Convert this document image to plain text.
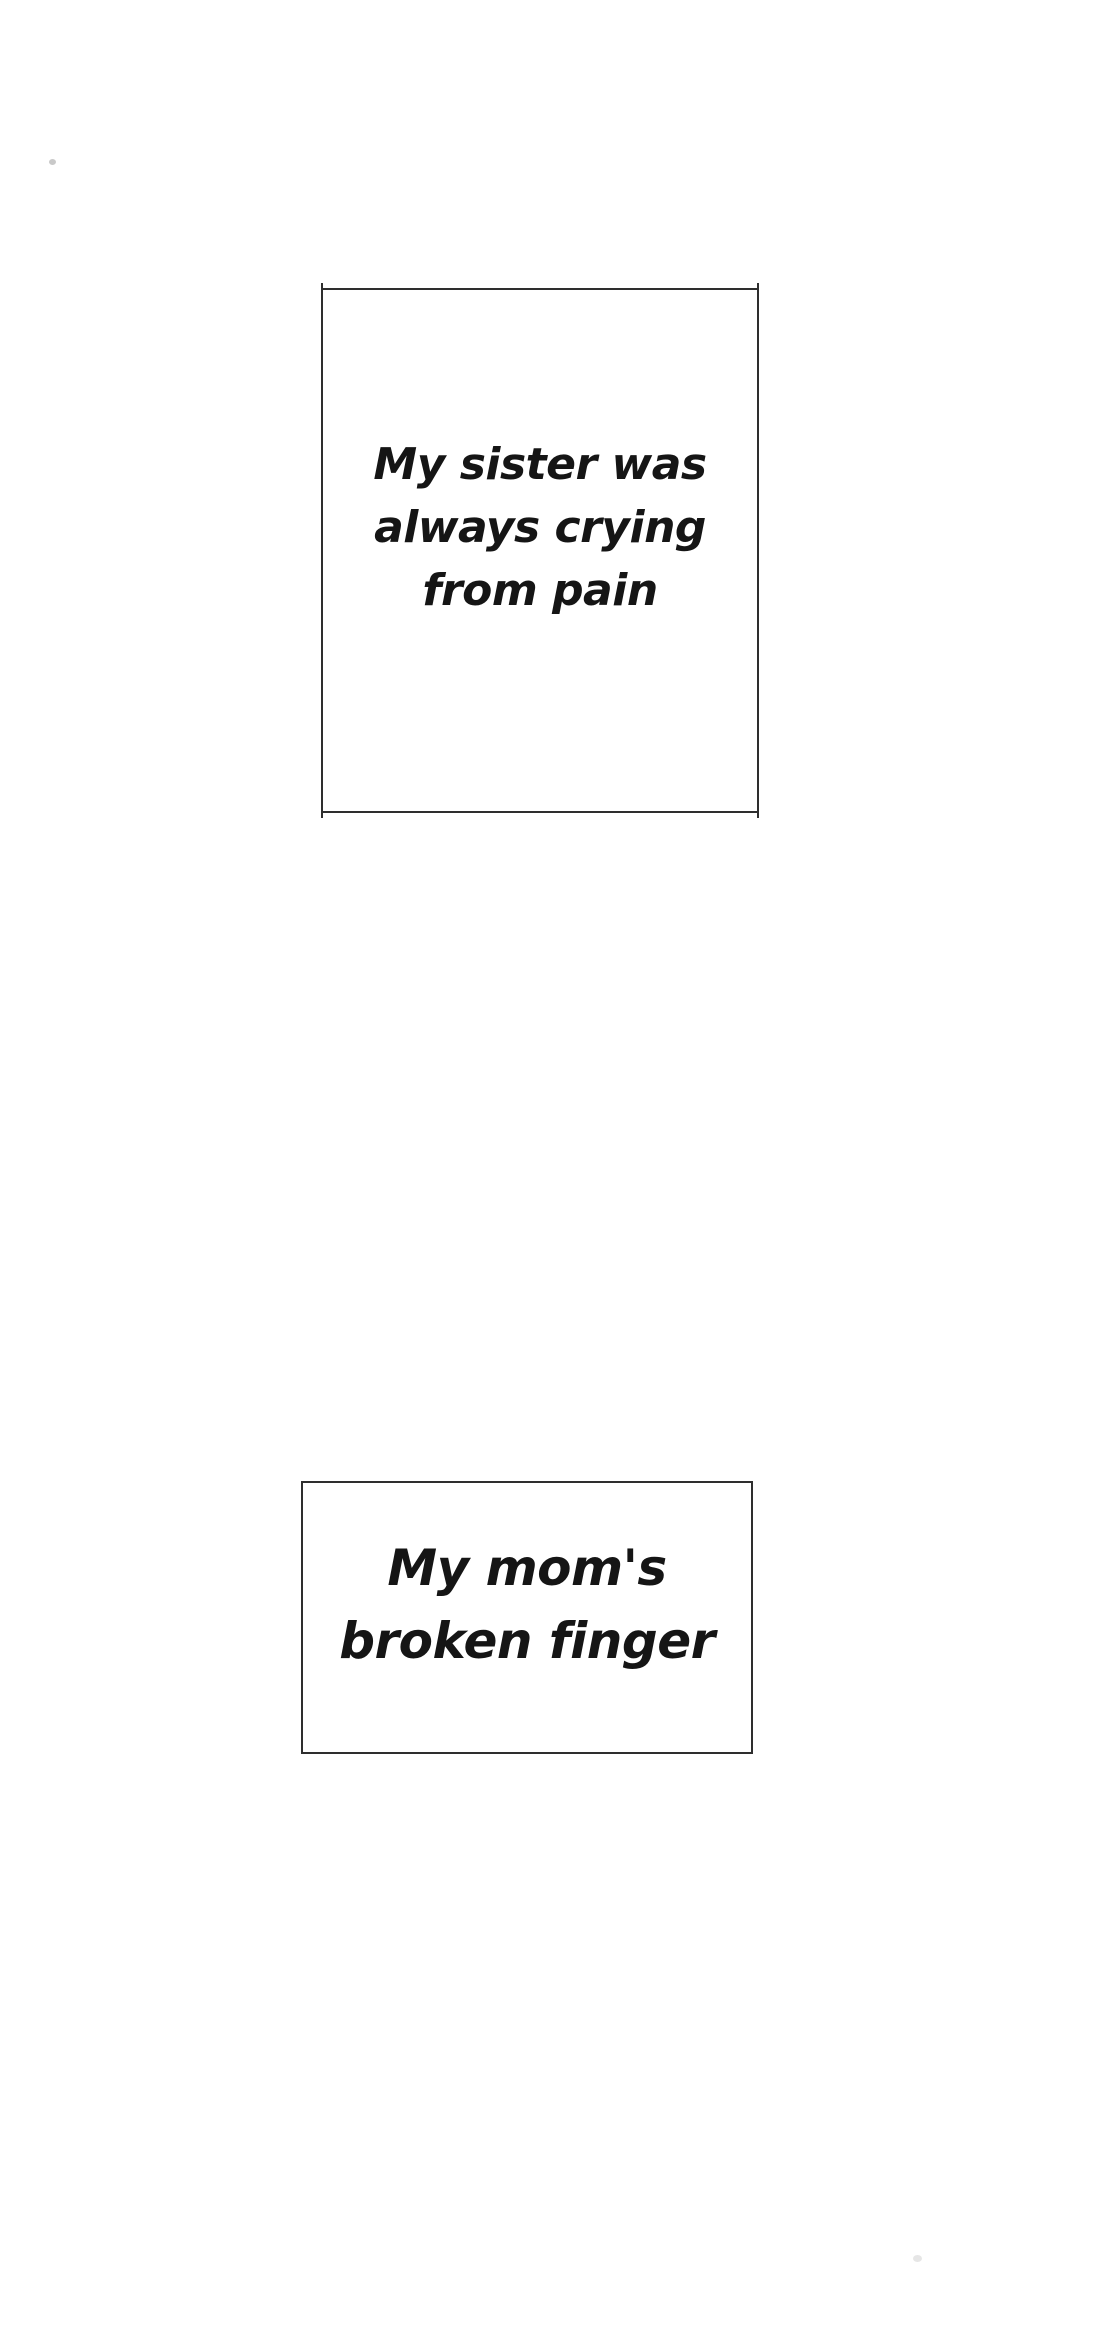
My sister was

always crying

from pain

My mom's

broken finger
